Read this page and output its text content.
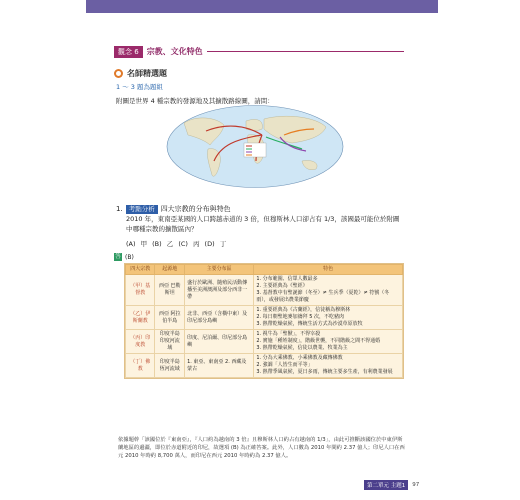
觀念 6	宗教、文化特色
名師精選題
1 ～ 3 題為題組
附圖是世界 4 種宗教的發源地及其擴散路線圖，請問：
1. 考點分析 四大宗教的分布與特色
2010 年，東南亞某國的人口跨越赤道的 3 倍，但穆斯林人口卻占有 1/3，該國最可能位於附圖中哪種宗教的擴散區內？
(A) 甲 (B) 乙 (C) 丙 (D) 丁
答 (B)
四大宗教	起源地	主要分布區	特色
（甲）基督教	西亞 巴勒斯坦	盛行於歐洲、隨殖民活動傳播至美洲澳洲及部分西非一帶	1. 分布範圍、信眾人數最多
2. 主要經典為《聖經》
3. 基督教中有聖誕節（冬至）≠ 生兵季（夏乾）≠ 符號（冬雨），或發展出農業節慶

（乙）伊斯蘭教	西亞 阿拉伯半島	北非、西亞（含橫中東）及印尼部分島嶼	1. 重要經典為《古蘭經》，信徒稱為穆斯林
2. 每日朝聖地麥加禱拜 5 次，不吃豬肉
3. 熱帶乾燥氣候，傳統生活方式為沙漠草原放牧

（丙）印度教	印度半島 印度河流域	印度、尼泊爾、印尼部分島嶼	1. 視牛為「聖獸」，不得宰殺
2. 實施「種姓制度」，階級世襲，不同階級之間不得通婚
3. 熱帶乾燥氣候，信徒以農業、牧業為主

（丁）佛教	印度半島 恆河流域	1. 東亞、東南亞 2. 西藏及蒙古	1. 分為大乘佛教、小乘佛教及藏傳佛教
2. 強調「人皆生而平等」
3. 熱帶季風氣候，夏日多雨，傳統主要多生產，有利農業發展
依據題幹「該國位於『東南亞』，『人口約為越南的 3 倍』且穆斯林人口約占有越南的 1/3」，由此可推斷該國位於中東伊斯蘭地區的邊疆，即位於赤道附近的印尼，故選項 (B) 為正確答案。此外，人口數為 2010 年間約 2.37 億人；印尼人口在西元 2010 年時約 8,700 萬人，而印尼在西元 2010 年時約為 2.37 億人。
第二單元 主題1	97
